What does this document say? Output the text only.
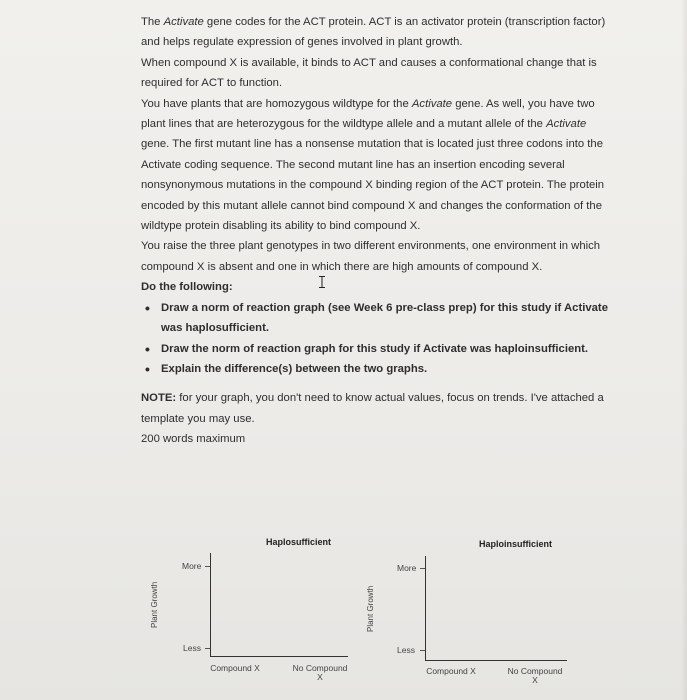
The Activate gene codes for the ACT protein. ACT is an activator protein (transcription factor) and helps regulate expression of genes involved in plant growth.

When compound X is available, it binds to ACT and causes a conformational change that is required for ACT to function.

You have plants that are homozygous wildtype for the Activate gene. As well, you have two plant lines that are heterozygous for the wildtype allele and a mutant allele of the Activate gene. The first mutant line has a nonsense mutation that is located just three codons into the Activate coding sequence. The second mutant line has an insertion encoding several nonsynonymous mutations in the compound X binding region of the ACT protein. The protein encoded by this mutant allele cannot bind compound X and changes the conformation of the wildtype protein disabling its ability to bind compound X.

You raise the three plant genotypes in two different environments, one environment in which compound X is absent and one in which there are high amounts of compound X.

Do the following:

• Draw a norm of reaction graph (see Week 6 pre-class prep) for this study if Activate was haplosufficient.
• Draw the norm of reaction graph for this study if Activate was haploinsufficient.
• Explain the difference(s) between the two graphs.

NOTE: for your graph, you don't need to know actual values, focus on trends. I've attached a template you may use.

200 words maximum

Haplosufficient
Plant Growth
More
Less
Compound X	No Compound X
Haploinsufficient
Plant Growth
More
Less
Compound X	No Compound X
